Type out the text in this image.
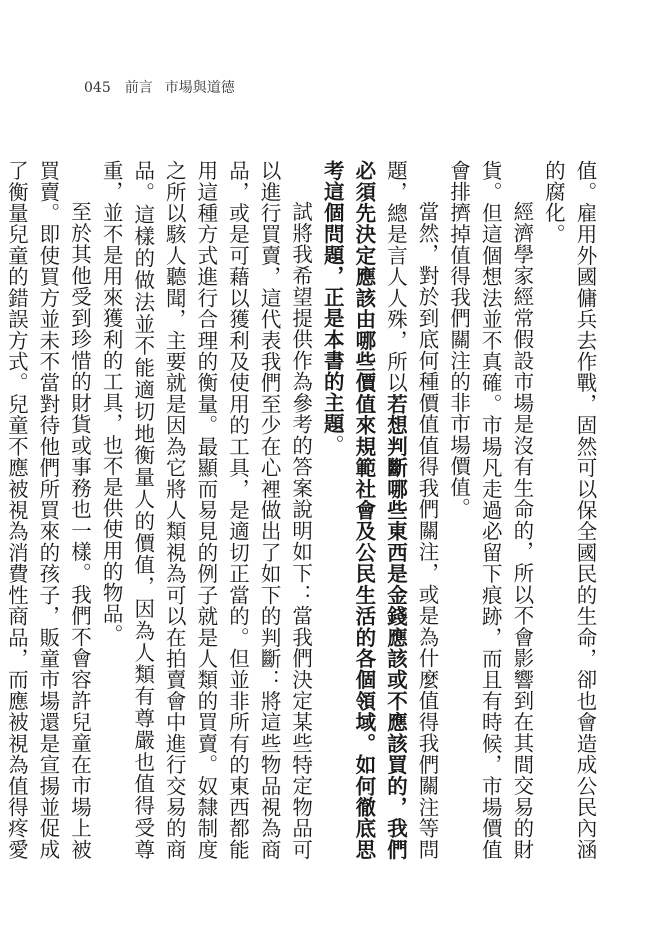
045 前言 市場與道德

值。雇用外國傭兵去作戰，固然可以保全國民的生命，卻也會造成公民內涵的腐化。

經濟學家經常假設市場是沒有生命的，所以不會影響到在其間交易的財貨。但這個想法並不真確。市場凡走過必留下痕跡，而且有時候，市場價值會排擠掉值得我們關注的非市場價值。

當然，對於到底何種價值值得我們關注，或是為什麼值得我們關注等問題，總是言人人殊，所以若想判斷哪些東西是金錢應該或不應該買的，我們必須先決定應該由哪些價值來規範社會及公民生活的各個領域。如何徹底思考這個問題，正是本書的主題。

試將我希望提供作為參考的答案說明如下：當我們決定某些特定物品可以進行買賣，這代表我們至少在心裡做出了如下的判斷：將這些物品視為商品，或是可藉以獲利及使用的工具，是適切正當的。但並非所有的東西都能用這種方式進行合理的衡量。最顯而易見的例子就是人類的買賣。奴隸制度之所以駭人聽聞，主要就是因為它將人類視為可以在拍賣會中進行交易的商品。這樣的做法並不能適切地衡量人的價值，因為人類有尊嚴也值得受尊重，並不是用來獲利的工具，也不是供使用的物品。

至於其他受到珍惜的財貨或事務也一樣。我們不會容許兒童在市場上被買賣。即使買方並未不當對待他們所買來的孩子，販童市場還是宣揚並促成了衡量兒童的錯誤方式。兒童不應被視為消費性商品，而應被視為值得疼愛
